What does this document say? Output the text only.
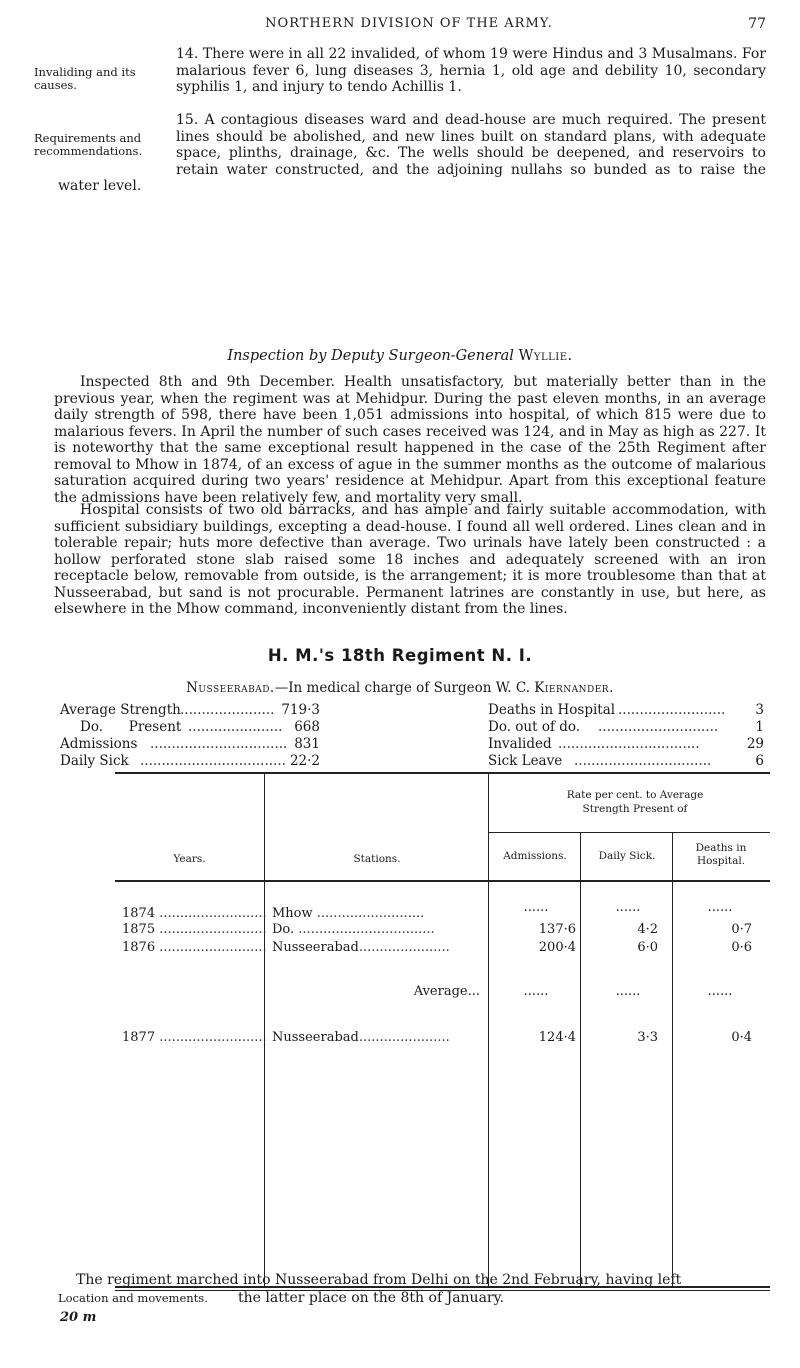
NORTHERN DIVISION OF THE ARMY.	77
14. There were in all 22 invalided, of whom 19 were Hindus and 3 Musalmans. For malarious fever 6, lung diseases 3, hernia 1, old age and debility 10, secondary syphilis 1, and injury to tendo Achillis 1.
Invaliding and its causes.
15. A contagious diseases ward and dead-house are much required. The present lines should be abolished, and new lines built on standard plans, with adequate space, plinths, drainage, &c. The wells should be deepened, and reservoirs to retain water constructed, and the adjoining nullahs so bunded as to raise the water level.
Requirements and recommendations.
Inspection by Deputy Surgeon-General Wyllie.
Inspected 8th and 9th December. Health unsatisfactory, but materially better than in the previous year, when the regiment was at Mehidpur. During the past eleven months, in an average daily strength of 598, there have been 1,051 admissions into hospital, of which 815 were due to malarious fevers. In April the number of such cases received was 124, and in May as high as 227. It is noteworthy that the same exceptional result happened in the case of the 25th Regiment after removal to Mhow in 1874, of an excess of ague in the summer months as the outcome of malarious saturation acquired during two years' residence at Mehidpur. Apart from this exceptional feature the admissions have been relatively few, and mortality very small.
Hospital consists of two old barracks, and has ample and fairly suitable accommodation, with sufficient subsidiary buildings, excepting a dead-house. I found all well ordered. Lines clean and in tolerable repair; huts more defective than average. Two urinals have lately been constructed : a hollow perforated stone slab raised some 18 inches and adequately screened with an iron receptacle below, removable from outside, is the arrangement; it is more troublesome than that at Nusseerabad, but sand is not procurable. Permanent latrines are constantly in use, but here, as elsewhere in the Mhow command, inconveniently distant from the lines.
H. M.'s 18th Regiment N. I.
Nusseerabad.—In medical charge of Surgeon W. C. Kiernander.
Average Strength ...................... 719·3
Do.      Present ...................... 668
Admissions ................................ 831
Daily Sick .................................. 22·2
Deaths in Hospital .........................	3
Do. out of do. ............................	1
Invalided .................................	29
Sick Leave ................................	6
Years.	Stations.
Rate per cent. to Average Strength Present of
Admissions.	Daily Sick.
Deaths in Hospital.
1874 .......................... Mhow ..........................	......	......	......
1875 .......................... Do. .................................	137·6	4·2	0·7
1876 .......................... Nusseerabad......................	200·4	6·0	0·6
Average...	......	......	......
1877 .......................... Nusseerabad......................	124·4	3·3	0·4
The regiment marched into Nusseerabad from Delhi on the 2nd February, having left
Location and movements.	the latter place on the 8th of January.
20 m
